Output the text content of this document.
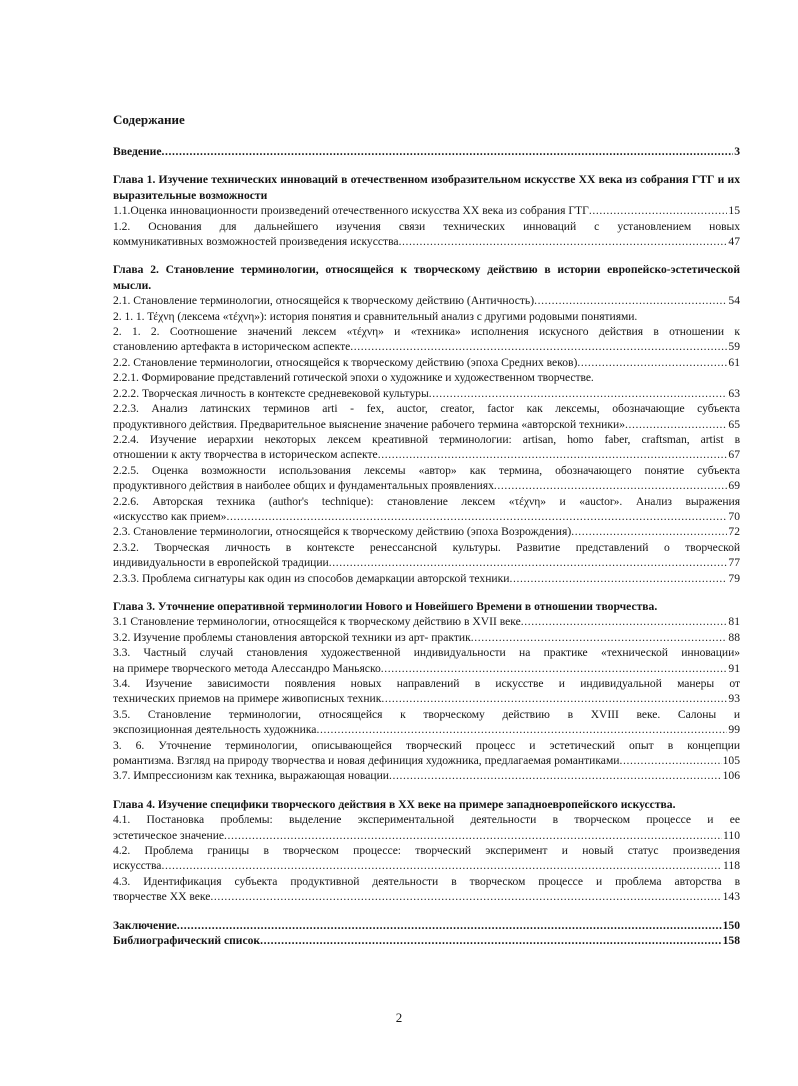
Содержание
Введение .....	3
Глава 1. Изучение технических инноваций в отечественном изобразительном искусстве XX века из собрания ГТГ и их выразительные возможности
1.1.Оценка инновационности произведений отечественного искусства XX века из собрания ГТГ .....	15
1.2. Основания для дальнейшего изучения связи технических инноваций с установлением новых
коммуникативных возможностей произведения искусства .....	47
Глава 2. Становление терминологии, относящейся к творческому действию в истории европейско-эстетической мысли.
2.1. Становление терминологии, относящейся к творческому действию (Античность) .....	54
2. 1. 1. Τέχνη (лексема «τέχνη»): история понятия и сравнительный анализ с другими родовыми понятиями.
2. 1. 2. Соотношение значений лексем «τέχνη» и «техника» исполнения искусного действия в отношении к
становлению артефакта в историческом аспекте .....	59
2.2. Становление терминологии, относящейся к творческому действию (эпоха Средних веков) .....	61
2.2.1. Формирование представлений готической эпохи о художнике и художественном творчестве.
2.2.2. Творческая личность в контексте средневековой культуры .....	63
2.2.3. Анализ латинских терминов arti - fex, auctor, creator, factor как лексемы, обозначающие субъекта
продуктивного действия. Предварительное выяснение значение рабочего термина «авторской техники» .....	65
2.2.4. Изучение иерархии некоторых лексем креативной терминологии: artisan, homo faber, craftsman, artist в
отношении к акту творчества в историческом аспекте .....	67
2.2.5. Оценка возможности использования лексемы «автор» как термина, обозначающего понятие субъекта
продуктивного действия в наиболее общих и фундаментальных проявлениях .....	69
2.2.6. Авторская техника (author's technique): становление лексем «τέχνη» и «auctor». Анализ выражения
«искусство как прием» .....	70
2.3. Становление терминологии, относящейся к творческому действию (эпоха Возрождения) .....	72
2.3.2. Творческая личность в контексте ренессансной культуры. Развитие представлений о творческой
индивидуальности в европейской традиции .....	77
2.3.3. Проблема сигнатуры как один из способов демаркации авторской техники .....	79
Глава 3. Уточнение оперативной терминологии Нового и Новейшего Времени в отношении творчества.
3.1 Становление терминологии, относящейся к творческому действию в XVII веке .....	81
3.2. Изучение проблемы становления авторской техники из арт- практик .....	88
3.3. Частный случай становления художественной индивидуальности на практике «технической инновации»
на примере творческого метода Алессандро Маньяско .....	91
3.4. Изучение зависимости появления новых направлений в искусстве и индивидуальной манеры от
технических приемов на примере живописных техник .....	93
3.5. Становление терминологии, относящейся к творческому действию в XVIII веке. Салоны и
экспозиционная деятельность художника .....	99
3. 6. Уточнение терминологии, описывающейся творческий процесс и эстетический опыт в концепции
романтизма. Взгляд на природу творчества и новая дефиниция художника, предлагаемая романтиками .....	105
3.7. Импрессионизм как техника, выражающая новации .....	106
Глава 4. Изучение специфики творческого действия в XX веке на примере западноевропейского искусства.
4.1. Постановка проблемы: выделение экспериментальной деятельности в творческом процессе и ее
эстетическое значение .....	110
4.2. Проблема границы в творческом процессе: творческий эксперимент и новый статус произведения
искусства .....	118
4.3. Идентификация субъекта продуктивной деятельности в творческом процессе и проблема авторства в
творчестве XX веке .....	143
Заключение .....	150
Библиографический список .....	158
2
